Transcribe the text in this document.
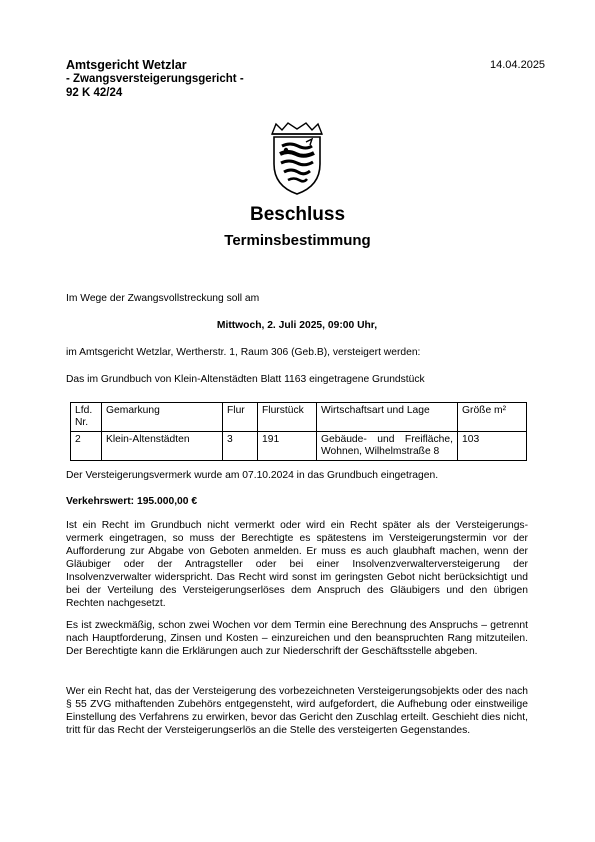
Amtsgericht Wetzlar
- Zwangsversteigerungsgericht -
92 K 42/24
14.04.2025
Beschluss
Terminsbestimmung
Im Wege der Zwangsvollstreckung soll am
Mittwoch, 2. Juli 2025, 09:00 Uhr,
im Amtsgericht Wetzlar, Wertherstr. 1, Raum 306 (Geb.B), versteigert werden:
Das im Grundbuch von Klein-Altenstädten Blatt 1163 eingetragene Grundstück
Lfd. Nr.	Gemarkung	Flur	Flurstück	Wirtschaftsart und Lage	Größe m²
2	Klein-Altenstädten	3	191	Gebäude- und Freifläche, Wohnen, Wilhelmstraße 8	103
Der Versteigerungsvermerk wurde am 07.10.2024 in das Grundbuch eingetragen.
Verkehrswert: 195.000,00 €
Ist ein Recht im Grundbuch nicht vermerkt oder wird ein Recht später als der Versteigerungs- vermerk eingetragen, so muss der Berechtigte es spätestens im Versteigerungstermin vor der Aufforderung zur Abgabe von Geboten anmelden. Er muss es auch glaubhaft machen, wenn der Gläubiger oder der Antragsteller oder bei einer Insolvenzverwalterversteigerung der Insolvenzverwalter widerspricht. Das Recht wird sonst im geringsten Gebot nicht berücksichtigt und bei der Verteilung des Versteigerungserlöses dem Anspruch des Gläubigers und den übrigen Rechten nachgesetzt.
Es ist zweckmäßig, schon zwei Wochen vor dem Termin eine Berechnung des Anspruchs – getrennt nach Hauptforderung, Zinsen und Kosten – einzureichen und den beanspruchten Rang mitzuteilen. Der Berechtigte kann die Erklärungen auch zur Niederschrift der Geschäftsstelle abgeben.
Wer ein Recht hat, das der Versteigerung des vorbezeichneten Versteigerungsobjekts oder des nach § 55 ZVG mithaftenden Zubehörs entgegensteht, wird aufgefordert, die Aufhebung oder einstweilige Einstellung des Verfahrens zu erwirken, bevor das Gericht den Zuschlag erteilt. Geschieht dies nicht, tritt für das Recht der Versteigerungserlös an die Stelle des versteigerten Gegenstandes.
